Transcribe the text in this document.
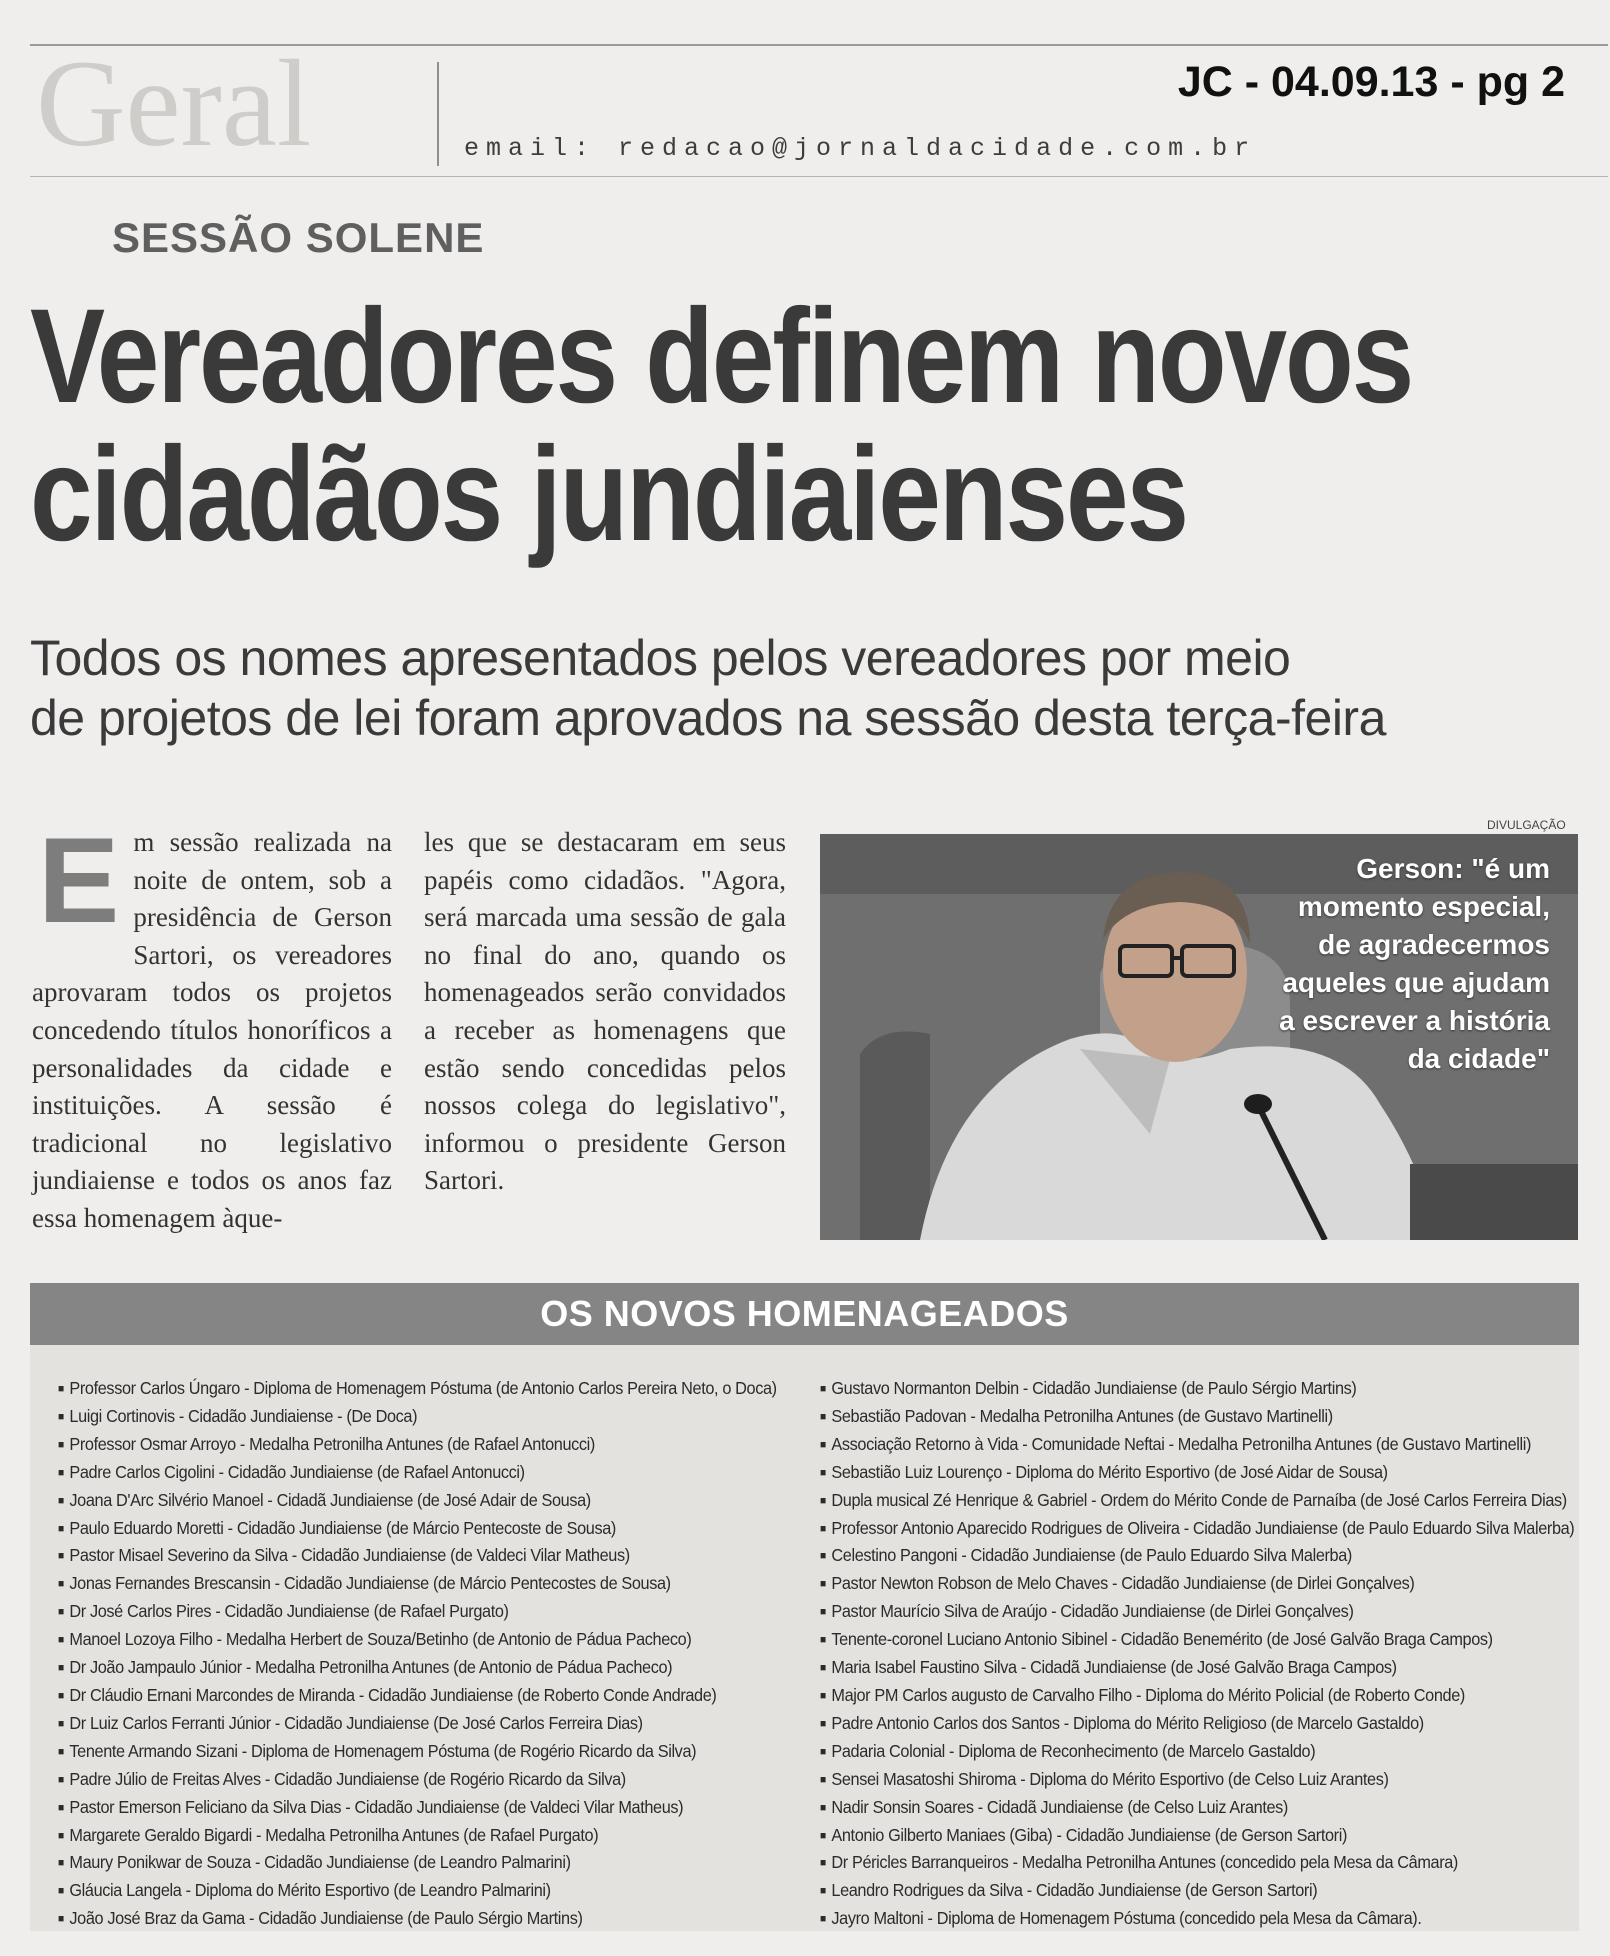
Geral	email: redacao@jornaldacidade.com.br
JC - 04.09.13 - pg 2
SESSÃO SOLENE
Vereadores definem novos
cidadãos jundiaienses

Todos os nomes apresentados pelos vereadores por meio
de projetos de lei foram aprovados na sessão desta terça-feira

Em sessão realizada na noite de ontem, sob a presidência de Gerson Sartori, os vereadores aprovaram todos os projetos concedendo títulos honoríficos a personalidades da cidade e instituições. A sessão é tradicional no legislativo jundiaiense e todos os anos faz essa homenagem àque-
les que se destacaram em seus papéis como cidadãos. "Agora, será marcada uma sessão de gala no final do ano, quando os homenageados serão convidados a receber as homenagens que estão sendo concedidas pelos nossos colega do legislativo", informou o presidente Gerson Sartori.
DIVULGAÇÃO
Gerson: "é um momento especial, de agradecermos aqueles que ajudam a escrever a história da cidade"
OS NOVOS HOMENAGEADOS
■ Professor Carlos Úngaro - Diploma de Homenagem Póstuma (de Antonio Carlos Pereira Neto, o Doca)
■ Luigi Cortinovis - Cidadão Jundiaiense - (De Doca)
■ Professor Osmar Arroyo - Medalha Petronilha Antunes (de Rafael Antonucci)
■ Padre Carlos Cigolini - Cidadão Jundiaiense (de Rafael Antonucci)
■ Joana D'Arc Silvério Manoel - Cidadã Jundiaiense (de José Adair de Sousa)
■ Paulo Eduardo Moretti - Cidadão Jundiaiense (de Márcio Pentecoste de Sousa)
■ Pastor Misael Severino da Silva - Cidadão Jundiaiense (de Valdeci Vilar Matheus)
■ Jonas Fernandes Brescansin - Cidadão Jundiaiense (de Márcio Pentecostes de Sousa)
■ Dr José Carlos Pires - Cidadão Jundiaiense (de Rafael Purgato)
■ Manoel Lozoya Filho - Medalha Herbert de Souza/Betinho (de Antonio de Pádua Pacheco)
■ Dr João Jampaulo Júnior - Medalha Petronilha Antunes (de Antonio de Pádua Pacheco)
■ Dr Cláudio Ernani Marcondes de Miranda - Cidadão Jundiaiense (de Roberto Conde Andrade)
■ Dr Luiz Carlos Ferranti Júnior - Cidadão Jundiaiense (De José Carlos Ferreira Dias)
■ Tenente Armando Sizani - Diploma de Homenagem Póstuma (de Rogério Ricardo da Silva)
■ Padre Júlio de Freitas Alves - Cidadão Jundiaiense (de Rogério Ricardo da Silva)
■ Pastor Emerson Feliciano da Silva Dias - Cidadão Jundiaiense (de Valdeci Vilar Matheus)
■ Margarete Geraldo Bigardi - Medalha Petronilha Antunes (de Rafael Purgato)
■ Maury Ponikwar de Souza - Cidadão Jundiaiense (de Leandro Palmarini)
■ Gláucia Langela - Diploma do Mérito Esportivo (de Leandro Palmarini)
■ João José Braz da Gama - Cidadão Jundiaiense (de Paulo Sérgio Martins)
■ Gustavo Normanton Delbin - Cidadão Jundiaiense (de Paulo Sérgio Martins)
■ Sebastião Padovan - Medalha Petronilha Antunes (de Gustavo Martinelli)
■ Associação Retorno à Vida - Comunidade Neftai - Medalha Petronilha Antunes (de Gustavo Martinelli)
■ Sebastião Luiz Lourenço - Diploma do Mérito Esportivo (de José Aidar de Sousa)
■ Dupla musical Zé Henrique & Gabriel - Ordem do Mérito Conde de Parnaíba (de José Carlos Ferreira Dias)
■ Professor Antonio Aparecido Rodrigues de Oliveira - Cidadão Jundiaiense (de Paulo Eduardo Silva Malerba)
■ Celestino Pangoni - Cidadão Jundiaiense (de Paulo Eduardo Silva Malerba)
■ Pastor Newton Robson de Melo Chaves - Cidadão Jundiaiense (de Dirlei Gonçalves)
■ Pastor Maurício Silva de Araújo - Cidadão Jundiaiense (de Dirlei Gonçalves)
■ Tenente-coronel Luciano Antonio Sibinel - Cidadão Benemérito (de José Galvão Braga Campos)
■ Maria Isabel Faustino Silva - Cidadã Jundiaiense (de José Galvão Braga Campos)
■ Major PM Carlos augusto de Carvalho Filho - Diploma do Mérito Policial (de Roberto Conde)
■ Padre Antonio Carlos dos Santos - Diploma do Mérito Religioso (de Marcelo Gastaldo)
■ Padaria Colonial - Diploma de Reconhecimento (de Marcelo Gastaldo)
■ Sensei Masatoshi Shiroma - Diploma do Mérito Esportivo (de Celso Luiz Arantes)
■ Nadir Sonsin Soares - Cidadã Jundiaiense (de Celso Luiz Arantes)
■ Antonio Gilberto Maniaes (Giba) - Cidadão Jundiaiense (de Gerson Sartori)
■ Dr Péricles Barranqueiros - Medalha Petronilha Antunes (concedido pela Mesa da Câmara)
■ Leandro Rodrigues da Silva - Cidadão Jundiaiense (de Gerson Sartori)
■ Jayro Maltoni - Diploma de Homenagem Póstuma (concedido pela Mesa da Câmara).
